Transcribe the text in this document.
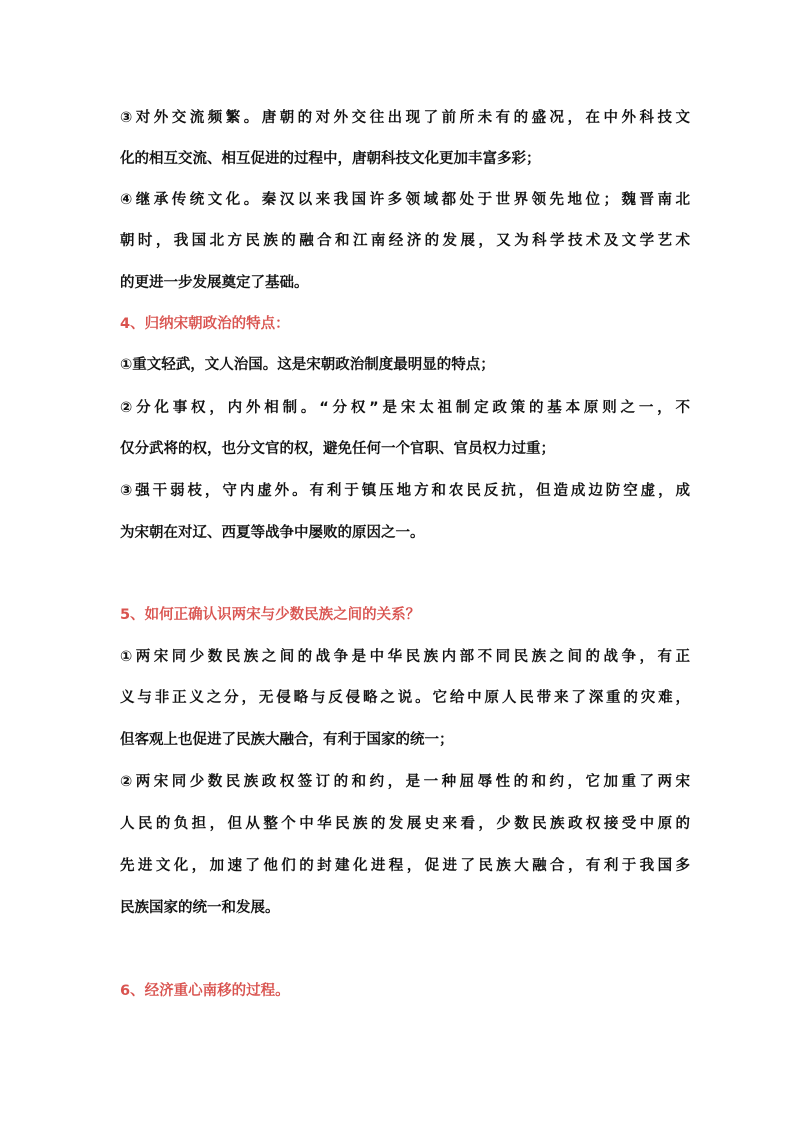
③对外交流频繁。唐朝的对外交往出现了前所未有的盛况，在中外科技文
化的相互交流、相互促进的过程中，唐朝科技文化更加丰富多彩；
④继承传统文化。秦汉以来我国许多领域都处于世界领先地位；魏晋南北
朝时，我国北方民族的融合和江南经济的发展，又为科学技术及文学艺术
的更进一步发展奠定了基础。
4、归纳宋朝政治的特点：
①重文轻武，文人治国。这是宋朝政治制度最明显的特点；
②分化事权，内外相制。“分权”是宋太祖制定政策的基本原则之一，不
仅分武将的权，也分文官的权，避免任何一个官职、官员权力过重；
③强干弱枝，守内虚外。有利于镇压地方和农民反抗，但造成边防空虚，成
为宋朝在对辽、西夏等战争中屡败的原因之一。
5、如何正确认识两宋与少数民族之间的关系？
①两宋同少数民族之间的战争是中华民族内部不同民族之间的战争，有正
义与非正义之分，无侵略与反侵略之说。它给中原人民带来了深重的灾难，
但客观上也促进了民族大融合，有利于国家的统一；
②两宋同少数民族政权签订的和约，是一种屈辱性的和约，它加重了两宋
人民的负担，但从整个中华民族的发展史来看，少数民族政权接受中原的
先进文化，加速了他们的封建化进程，促进了民族大融合，有利于我国多
民族国家的统一和发展。
6、经济重心南移的过程。
